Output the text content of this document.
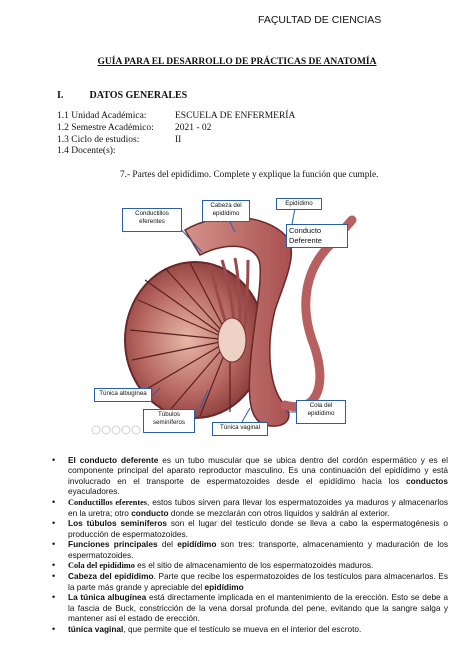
FAÇULTAD DE CIENCIAS
GUÍA PARA EL DESARROLLO DE PRÁCTICAS DE ANATOMÍA
I.	DATOS GENERALES
1.1 Unidad Académica:	ESCUELA DE ENFERMERÍA
1.2 Semestre Académico: 2021 - 02
1.3 Ciclo de estudios:	II
1.4 Docente(s):
7.- Partes del epidídimo. Complete y explique la función que cumple.
Conductillos eferentes
Cabeza del epidídimo
Epidídimo
Conducto Deferente
Túnica albugínea
Túbulos seminíferos
Túnica vaginal
Cola del epidídimo
• El conducto deferente es un tubo muscular que se ubica dentro del cordón espermático y es el componente principal del aparato reproductor masculino. Es una continuación del epidídimo y está involucrado en el transporte de espermatozoides desde el epidídimo hacia los conductos eyaculadores.
• Conductillos eferentes, estos tubos sirven para llevar los espermatozoides ya maduros y almacenarlos en la uretra; otro conducto donde se mezclarán con otros líquidos y saldrán al exterior.
• Los túbulos seminíferos son el lugar del testículo donde se lleva a cabo la espermatogénesis o producción de espermatozoides.
• Funciones principales del epidídimo son tres: transporte, almacenamiento y maduración de los espermatozoides.
• Cola del epidídimo es el sitio de almacenamiento de los espermatozoides maduros.
• Cabeza del epidídimo. Parte que recibe los espermatozoides de los testículos para almacenarlos. Es la parte más grande y apreciable del epidídimo
• La túnica albugínea está directamente implicada en el mantenimiento de la erección. Esto se debe a la fascia de Buck, constricción de la vena dorsal profunda del pene, evitando que la sangre salga y mantener así el estado de erección.
• túnica vaginal, que permite que el testículo se mueva en el interior del escroto.
